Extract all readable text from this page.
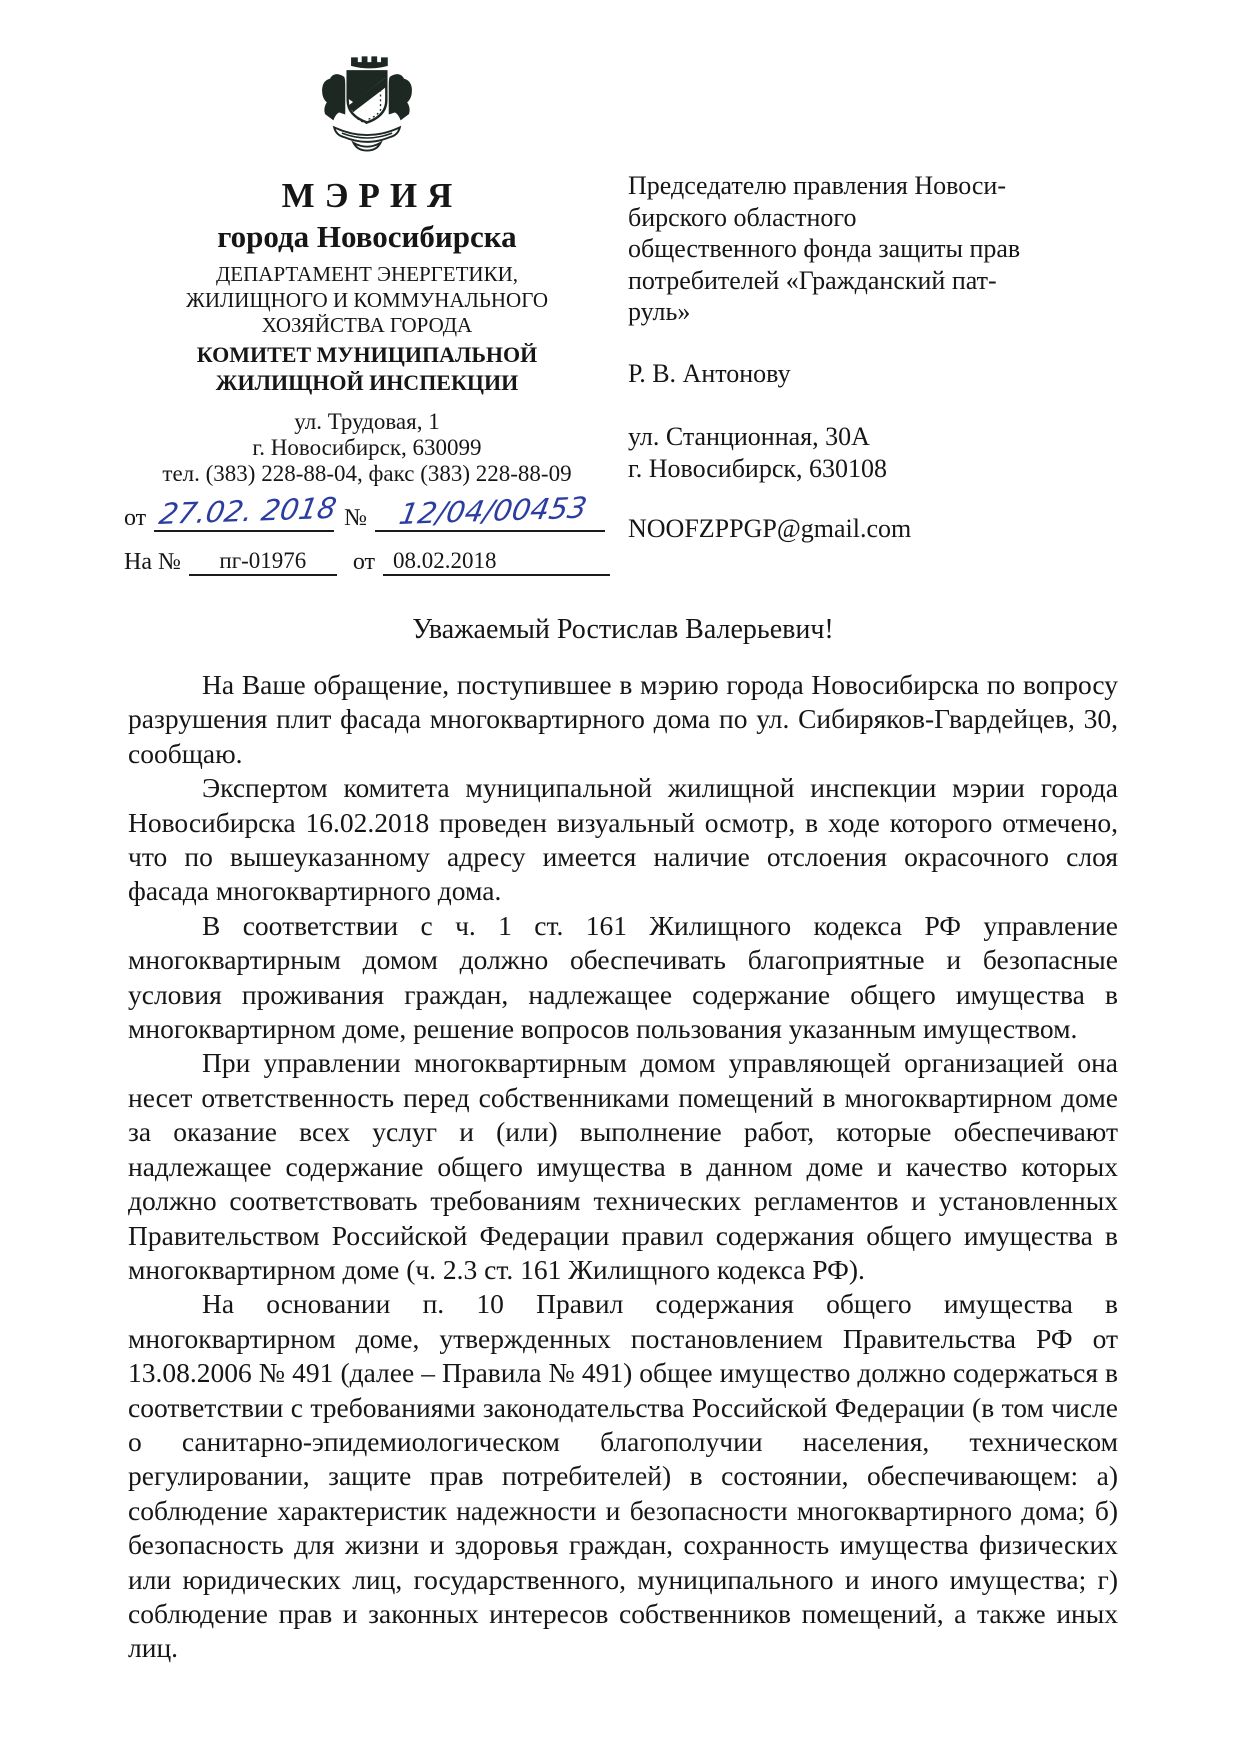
МЭРИЯ
города Новосибирска
ДЕПАРТАМЕНТ ЭНЕРГЕТИКИ,
ЖИЛИЩНОГО И КОММУНАЛЬНОГО
ХОЗЯЙСТВА ГОРОДА
КОМИТЕТ МУНИЦИПАЛЬНОЙ
ЖИЛИЩНОЙ ИНСПЕКЦИИ
ул. Трудовая, 1
г. Новосибирск, 630099
тел. (383) 228-88-04, факс (383) 228-88-09
от 27.02. 2018 №	12/04/00453
На №	пг-01976	от 08.02.2018
Председателю правления Новоси-
бирского областного
общественного фонда защиты прав
потребителей «Гражданский пат-
руль»
Р. В. Антонову
ул. Станционная, 30А
г. Новосибирск, 630108
NOOFZPPGP@gmail.com
Уважаемый Ростислав Валерьевич!

На Ваше обращение, поступившее в мэрию города Новосибирска по вопросу разрушения плит фасада многоквартирного дома по ул. Сибиряков-Гвардейцев, 30, сообщаю.

Экспертом комитета муниципальной жилищной инспекции мэрии города Новосибирска 16.02.2018 проведен визуальный осмотр, в ходе которого отмечено, что по вышеуказанному адресу имеется наличие отслоения окрасочного слоя фасада многоквартирного дома.

В соответствии с ч. 1 ст. 161 Жилищного кодекса РФ управление многоквартирным домом должно обеспечивать благоприятные и безопасные условия проживания граждан, надлежащее содержание общего имущества в многоквартирном доме, решение вопросов пользования указанным имуществом.

При управлении многоквартирным домом управляющей организацией она несет ответственность перед собственниками помещений в многоквартирном доме за оказание всех услуг и (или) выполнение работ, которые обеспечивают надлежащее содержание общего имущества в данном доме и качество которых должно соответствовать требованиям технических регламентов и установленных Правительством Российской Федерации правил содержания общего имущества в многоквартирном доме (ч. 2.3 ст. 161 Жилищного кодекса РФ).

На основании п. 10 Правил содержания общего имущества в многоквартирном доме, утвержденных постановлением Правительства РФ от 13.08.2006 № 491 (далее – Правила № 491) общее имущество должно содержаться в соответствии с требованиями законодательства Российской Федерации (в том числе о санитарно-эпидемиологическом благополучии населения, техническом регулировании, защите прав потребителей) в состоянии, обеспечивающем: а) соблюдение характеристик надежности и безопасности многоквартирного дома; б) безопасность для жизни и здоровья граждан, сохранность имущества физических или юридических лиц, государственного, муниципального и иного имущества; г) соблюдение прав и законных интересов собственников помещений, а также иных лиц.
